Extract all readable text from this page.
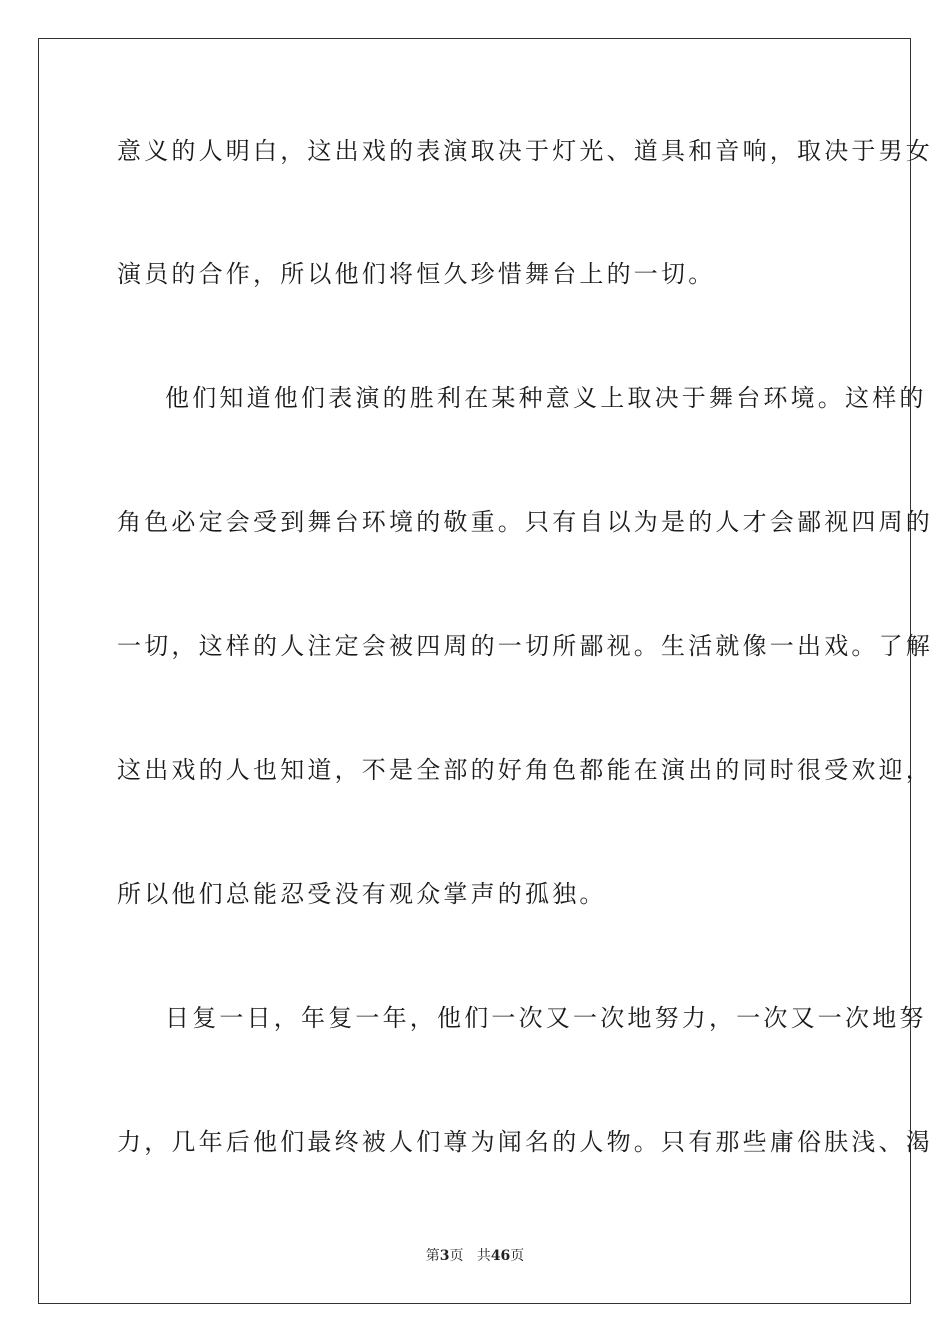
意义的人明白，这出戏的表演取决于灯光、道具和音响，取决于男女
演员的合作，所以他们将恒久珍惜舞台上的一切。
他们知道他们表演的胜利在某种意义上取决于舞台环境。这样的
角色必定会受到舞台环境的敬重。只有自以为是的人才会鄙视四周的
一切，这样的人注定会被四周的一切所鄙视。生活就像一出戏。了解
这出戏的人也知道，不是全部的好角色都能在演出的同时很受欢迎，
所以他们总能忍受没有观众掌声的孤独。
日复一日，年复一年，他们一次又一次地努力，一次又一次地努
力，几年后他们最终被人们尊为闻名的人物。只有那些庸俗肤浅、渴
第3页 共46页
